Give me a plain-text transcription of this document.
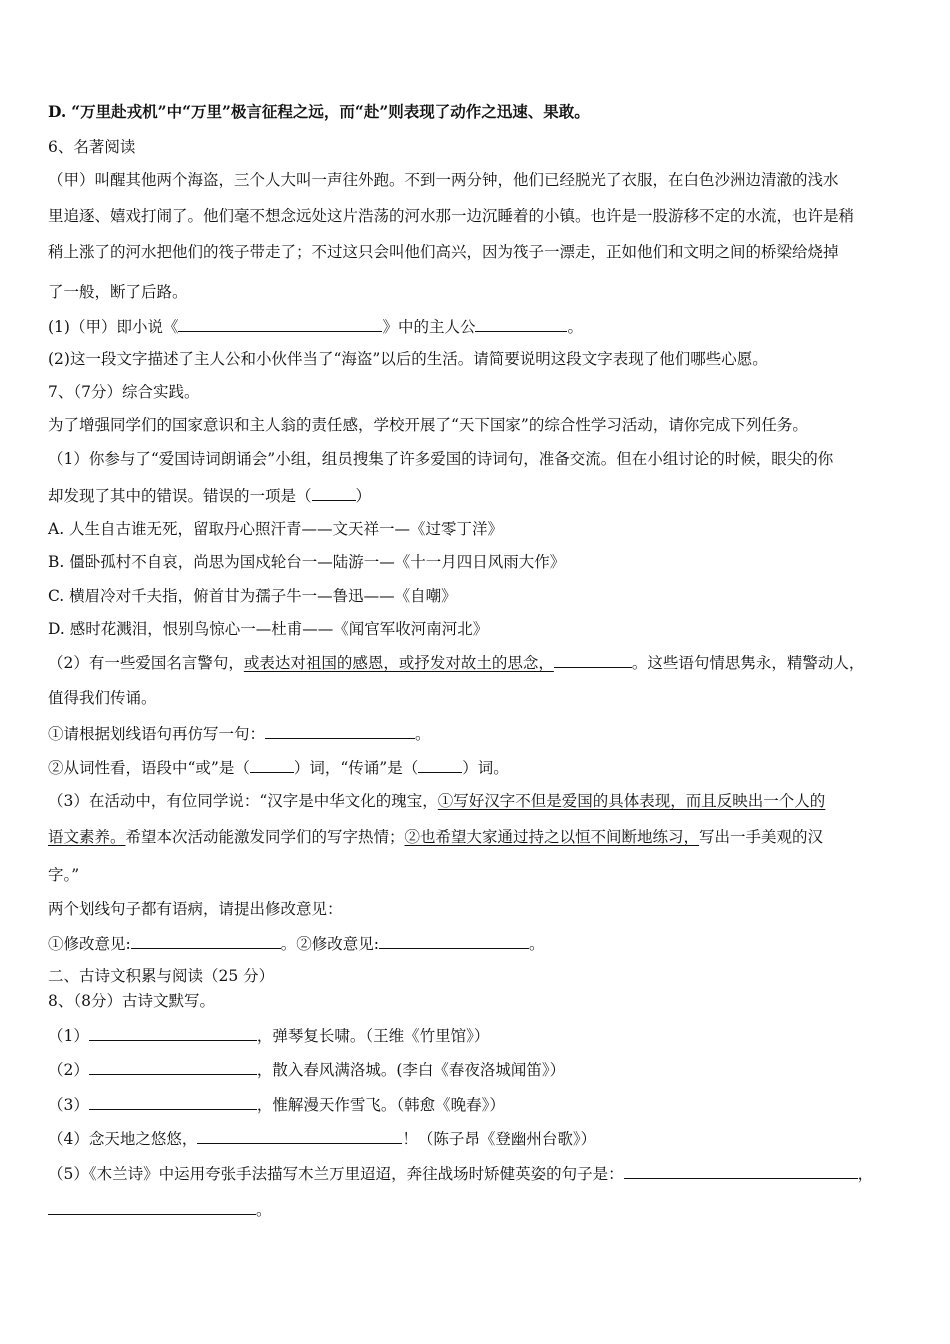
D. “万里赴戎机”中“万里”极言征程之远，而“赴”则表现了动作之迅速、果敢。
6、名著阅读
（甲）叫醒其他两个海盗，三个人大叫一声往外跑。不到一两分钟，他们已经脱光了衣服，在白色沙洲边清澈的浅水
里追逐、嬉戏打闹了。他们毫不想念远处这片浩荡的河水那一边沉睡着的小镇。也许是一股游移不定的水流，也许是稍
稍上涨了的河水把他们的筏子带走了；不过这只会叫他们高兴，因为筏子一漂走，正如他们和文明之间的桥梁给烧掉
了一般，断了后路。
(1)（甲）即小说《	》中的主人公	。
(2)这一段文字描述了主人公和小伙伴当了“海盗”以后的生活。请简要说明这段文字表现了他们哪些心愿。
7、（7分）综合实践。
为了增强同学们的国家意识和主人翁的责任感，学校开展了“天下国家”的综合性学习活动，请你完成下列任务。
（1）你参与了“爱国诗词朗诵会”小组，组员搜集了许多爱国的诗词句，准备交流。但在小组讨论的时候，眼尖的你
却发现了其中的错误。错误的一项是（	）
A. 人生自古谁无死，留取丹心照汗青——文天祥一—《过零丁洋》
B. 僵卧孤村不自哀，尚思为国戍轮台一—陆游一—《十一月四日风雨大作》
C. 横眉冷对千夫指，俯首甘为孺子牛一—鲁迅——《自嘲》
D. 感时花溅泪，恨别鸟惊心一—杜甫——《闻官军收河南河北》
（2）有一些爱国名言警句，或表达对祖国的感恩，或抒发对故土的思念，	。这些语句情思隽永，精警动人，
值得我们传诵。
①请根据划线语句再仿写一句：	。
②从词性看，语段中“或”是（	）词，“传诵”是（	）词。
（3）在活动中，有位同学说：“汉字是中华文化的瑰宝，①写好汉字不但是爱国的具体表现，而且反映出一个人的
语文素养。希望本次活动能激发同学们的写字热情；②也希望大家通过持之以恒不间断地练习，写出一手美观的汉
字。”
两个划线句子都有语病，请提出修改意见：
①修改意见:	。②修改意见:	。
二、古诗文积累与阅读（25 分）
8、（8分）古诗文默写。
（1）	，弹琴复长啸。（王维《竹里馆》）
（2）	，散入春风满洛城。(李白《春夜洛城闻笛》）
（3）	，惟解漫天作雪飞。（韩愈《晚春》）
（4）念天地之悠悠，	！（陈子昂《登幽州台歌》）
（5）《木兰诗》中运用夸张手法描写木兰万里迢迢，奔往战场时矫健英姿的句子是：	，
。
